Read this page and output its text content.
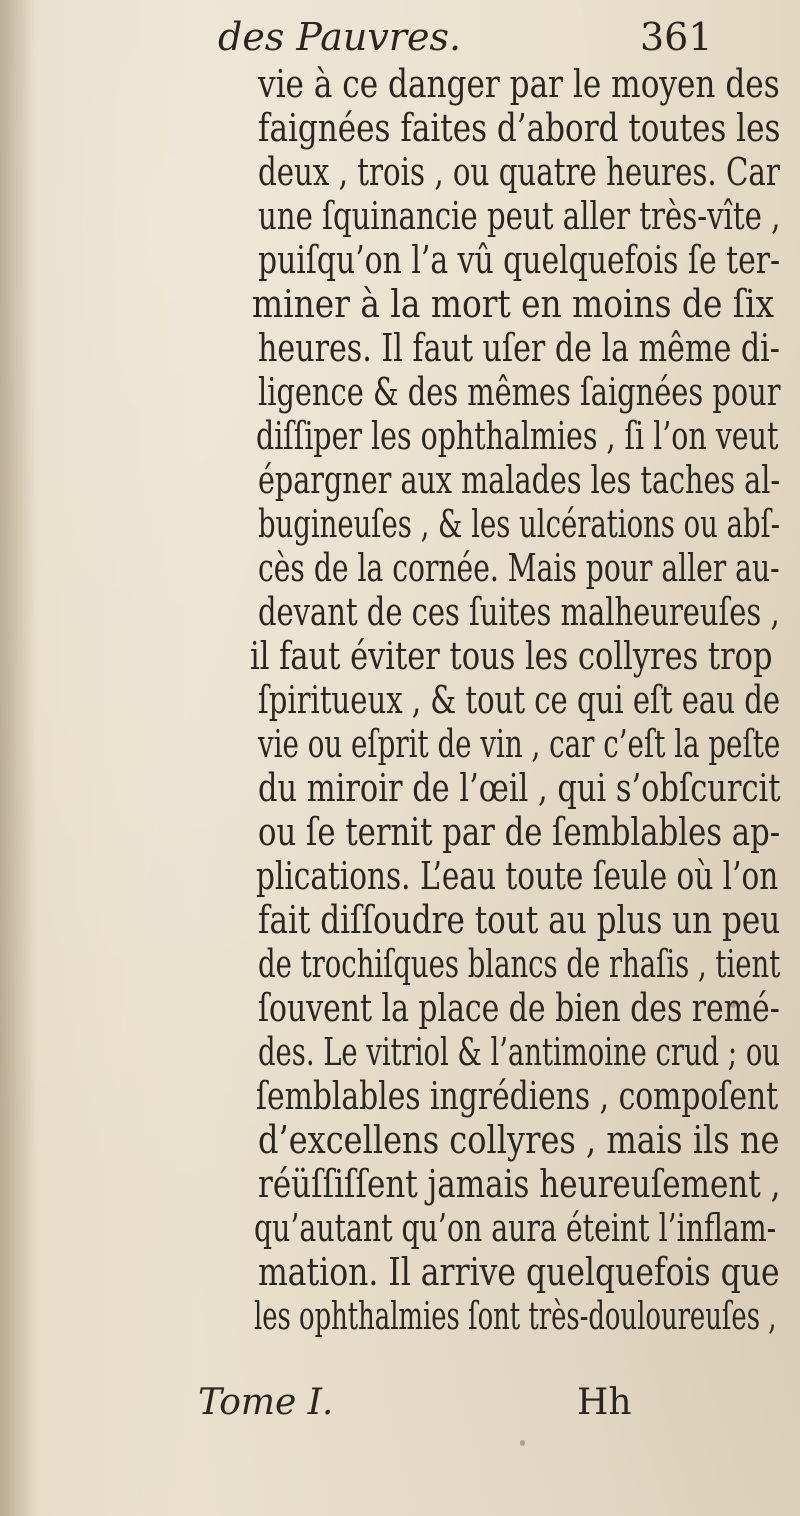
des Pauvres.	361
vie à ce danger par le moyen des
faignées faites d’abord toutes les
deux , trois , ou quatre heures. Car
une ſquinancie peut aller très-vîte ,
puiſqu’on l’a vû quelquefois ſe ter-
miner à la mort en moins de ſix
heures. Il faut uſer de la même di-
ligence & des mêmes ſaignées pour
diſſiper les ophthalmies , ſi l’on veut
épargner aux malades les taches al-
bugineuſes , & les ulcérations ou abſ-
cès de la cornée. Mais pour aller au-
devant de ces ſuites malheureuſes ,
il faut éviter tous les collyres trop
ſpiritueux , & tout ce qui eſt eau de
vie ou eſprit de vin , car c’eſt la peſte
du miroir de l’œil , qui s’obſcurcit
ou ſe ternit par de ſemblables ap-
plications. L’eau toute ſeule où l’on
fait diſſoudre tout au plus un peu
de trochiſques blancs de rhaſis , tient
ſouvent la place de bien des remé-
des. Le vitriol & l’antimoine crud ; ou
ſemblables ingrédiens , compoſent
d’excellens collyres , mais ils ne
réüſſiſſent jamais heureuſement ,
qu’autant qu’on aura éteint l’inflam-
mation. Il arrive quelquefois que
les ophthalmies ſont très-douloureuſes ,
Tome I.	Hh
